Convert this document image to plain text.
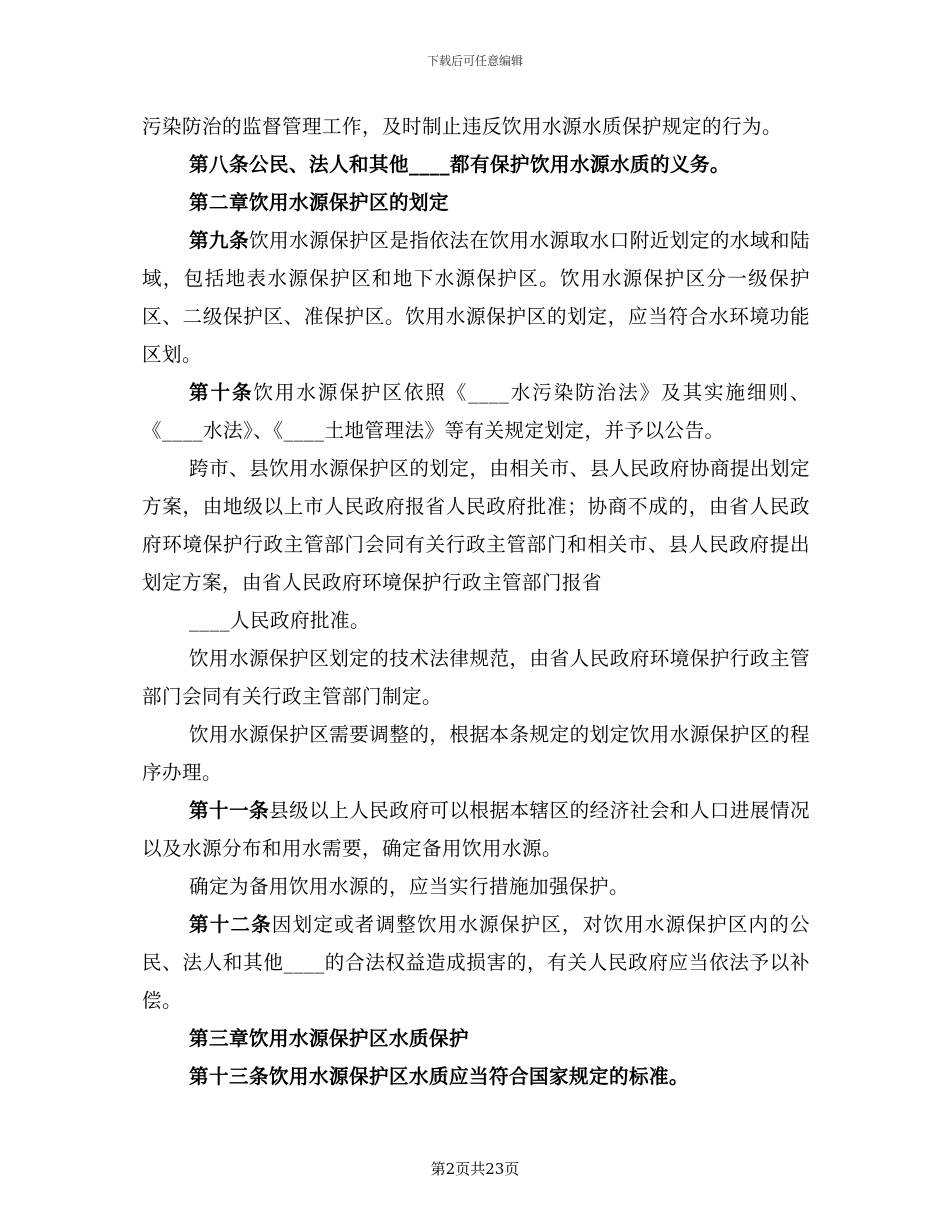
下载后可任意编辑

污染防治的监督管理工作，及时制止违反饮用水源水质保护规定的行为。

第八条公民、法人和其他____都有保护饮用水源水质的义务。

第二章饮用水源保护区的划定

第九条饮用水源保护区是指依法在饮用水源取水口附近划定的水域和陆域，包括地表水源保护区和地下水源保护区。饮用水源保护区分一级保护区、二级保护区、准保护区。饮用水源保护区的划定，应当符合水环境功能区划。

第十条饮用水源保护区依照《____水污染防治法》及其实施细则、《____水法》、《____土地管理法》等有关规定划定，并予以公告。

跨市、县饮用水源保护区的划定，由相关市、县人民政府协商提出划定方案，由地级以上市人民政府报省人民政府批准；协商不成的，由省人民政府环境保护行政主管部门会同有关行政主管部门和相关市、县人民政府提出划定方案，由省人民政府环境保护行政主管部门报省

____人民政府批准。

饮用水源保护区划定的技术法律规范，由省人民政府环境保护行政主管部门会同有关行政主管部门制定。

饮用水源保护区需要调整的，根据本条规定的划定饮用水源保护区的程序办理。

第十一条县级以上人民政府可以根据本辖区的经济社会和人口进展情况以及水源分布和用水需要，确定备用饮用水源。

确定为备用饮用水源的，应当实行措施加强保护。

第十二条因划定或者调整饮用水源保护区，对饮用水源保护区内的公民、法人和其他____的合法权益造成损害的，有关人民政府应当依法予以补偿。

第三章饮用水源保护区水质保护

第十三条饮用水源保护区水质应当符合国家规定的标准。

第2页共23页
